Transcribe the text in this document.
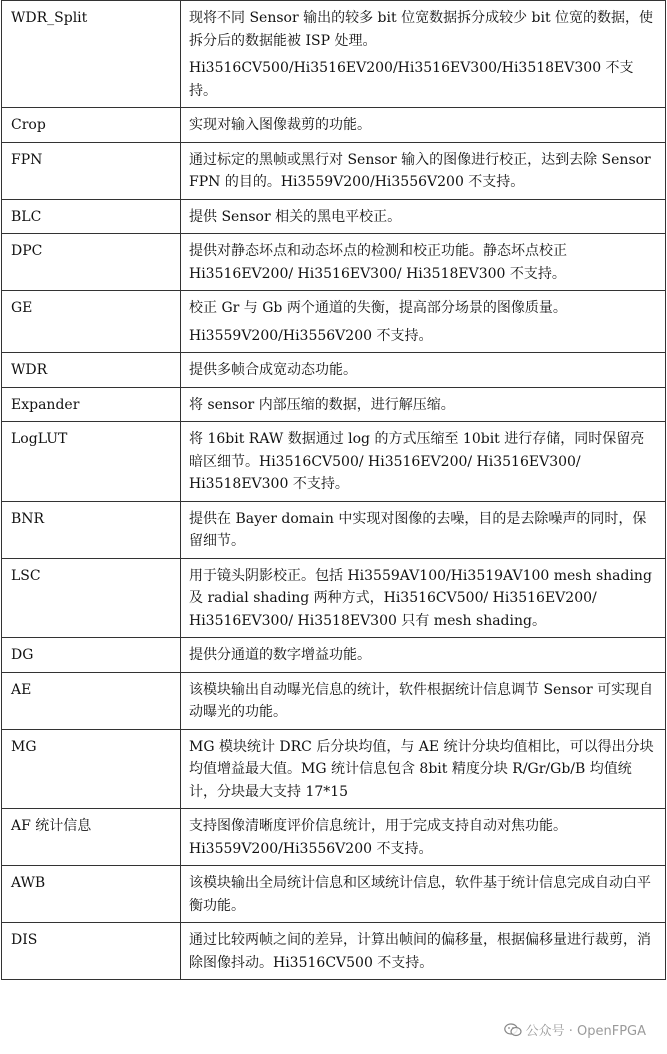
WDR_Split	现将不同 Sensor 输出的较多 bit 位宽数据拆分成较少 bit 位宽的数据，使拆分后的数据能被 ISP 处理。
Hi3516CV500/Hi3516EV200/Hi3516EV300/Hi3518EV300 不支持。

Crop	实现对输入图像裁剪的功能。
FPN	通过标定的黑帧或黑行对 Sensor 输入的图像进行校正，达到去除 Sensor FPN 的目的。Hi3559V200/Hi3556V200 不支持。
BLC	提供 Sensor 相关的黑电平校正。
DPC	提供对静态坏点和动态坏点的检测和校正功能。静态坏点校正 Hi3516EV200/ Hi3516EV300/ Hi3518EV300 不支持。
GE	校正 Gr 与 Gb 两个通道的失衡，提高部分场景的图像质量。
Hi3559V200/Hi3556V200 不支持。

WDR	提供多帧合成宽动态功能。
Expander	将 sensor 内部压缩的数据，进行解压缩。
LogLUT	将 16bit RAW 数据通过 log 的方式压缩至 10bit 进行存储，同时保留亮暗区细节。Hi3516CV500/ Hi3516EV200/ Hi3516EV300/ Hi3518EV300 不支持。
BNR	提供在 Bayer domain 中实现对图像的去噪，目的是去除噪声的同时，保留细节。
LSC	用于镜头阴影校正。包括 Hi3559AV100/Hi3519AV100 mesh shading 及 radial shading 两种方式，Hi3516CV500/ Hi3516EV200/ Hi3516EV300/ Hi3518EV300 只有 mesh shading。
DG	提供分通道的数字增益功能。
AE	该模块输出自动曝光信息的统计，软件根据统计信息调节 Sensor 可实现自动曝光的功能。
MG	MG 模块统计 DRC 后分块均值，与 AE 统计分块均值相比，可以得出分块均值增益最大值。MG 统计信息包含 8bit 精度分块 R/Gr/Gb/B 均值统计，分块最大支持 17*15
AF 统计信息	支持图像清晰度评价信息统计，用于完成支持自动对焦功能。Hi3559V200/Hi3556V200 不支持。
AWB	该模块输出全局统计信息和区域统计信息，软件基于统计信息完成自动白平衡功能。
DIS	通过比较两帧之间的差异，计算出帧间的偏移量，根据偏移量进行裁剪，消除图像抖动。Hi3516CV500 不支持。
公众号 · OpenFPGA
